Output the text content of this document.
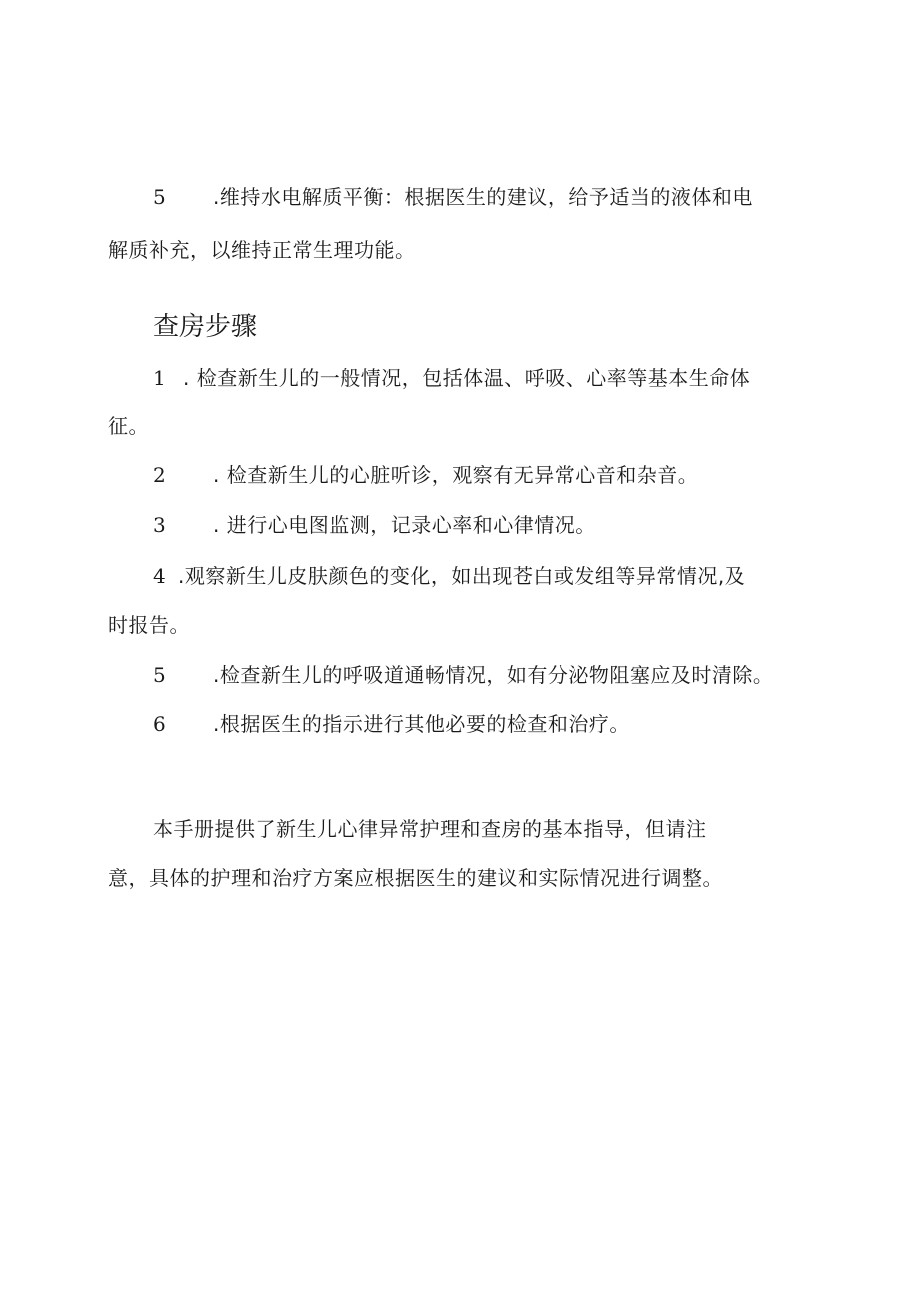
5 .维持水电解质平衡：根据医生的建议，给予适当的液体和电
解质补充，以维持正常生理功能。
查房步骤
1 . 检查新生儿的一般情况，包括体温、呼吸、心率等基本生命体
征。
2 . 检查新生儿的心脏听诊，观察有无异常心音和杂音。
3 . 进行心电图监测，记录心率和心律情况。
4 .观察新生儿皮肤颜色的变化，如出现苍白或发组等异常情况,及
时报告。
5 .检查新生儿的呼吸道通畅情况，如有分泌物阻塞应及时清除。
6 .根据医生的指示进行其他必要的检查和治疗。
本手册提供了新生儿心律异常护理和查房的基本指导，但请注
意，具体的护理和治疗方案应根据医生的建议和实际情况进行调整。
